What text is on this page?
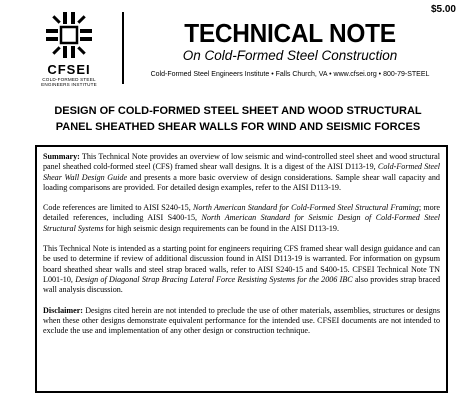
CFSEI
COLD-FORMED STEEL
ENGINEERS INSTITUTE
$5.00
TECHNICAL NOTE
On Cold-Formed Steel Construction
Cold-Formed Steel Engineers Institute • Falls Church, VA • www.cfsei.org • 800-79-STEEL
DESIGN OF COLD-FORMED STEEL SHEET AND WOOD STRUCTURAL
PANEL SHEATHED SHEAR WALLS FOR WIND AND SEISMIC FORCES

Summary: This Technical Note provides an overview of low seismic and wind-controlled steel sheet and wood structural panel sheathed cold-formed steel (CFS) framed shear wall designs. It is a digest of the AISI D113-19, Cold-Formed Steel Shear Wall Design Guide and presents a more basic overview of design considerations. Sample shear wall capacity and loading comparisons are provided. For detailed design examples, refer to the AISI D113-19.

Code references are limited to AISI S240-15, North American Standard for Cold-Formed Steel Structural Framing; more detailed references, including AISI S400-15, North American Standard for Seismic Design of Cold-Formed Steel Structural Systems for high seismic design requirements can be found in the AISI D113-19.

This Technical Note is intended as a starting point for engineers requiring CFS framed shear wall design guidance and can be used to determine if review of additional discussion found in AISI D113-19 is warranted. For information on gypsum board sheathed shear walls and steel strap braced walls, refer to AISI S240-15 and S400-15. CFSEI Technical Note TN L001-10, Design of Diagonal Strap Bracing Lateral Force Resisting Systems for the 2006 IBC also provides strap braced wall analysis discussion.

Disclaimer: Designs cited herein are not intended to preclude the use of other materials, assemblies, structures or designs when these other designs demonstrate equivalent performance for the intended use. CFSEI documents are not intended to exclude the use and implementation of any other design or construction technique.
